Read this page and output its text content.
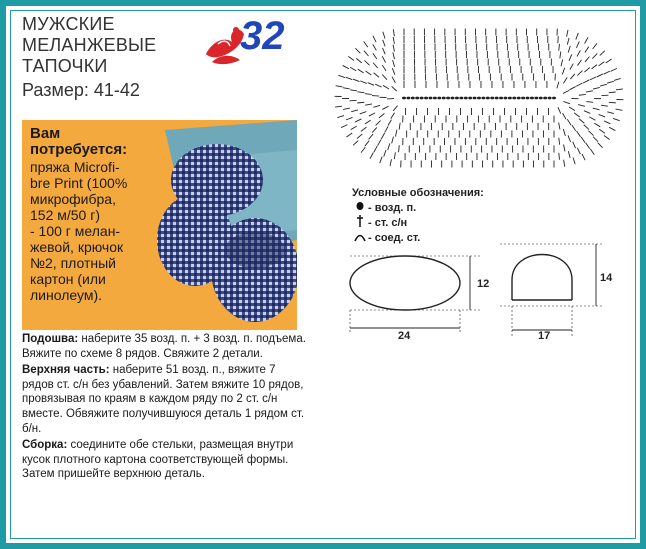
МУЖСКИЕ
МЕЛАНЖЕВЫЕ
ТАПОЧКИ
Размер: 41-42
32
Вам
потребуется:
пряжа Microfi-
bre Print (100%
микрофибра,
152 м/50 г)
- 100 г мелан-
жевой, крючок
№2, плотный
картон (или
линолеум).

Подошва: наберите 35 возд. п. + 3 возд. п. подъема. Вяжите по схеме 8 рядов. Свяжите 2 детали.

Верхняя часть: наберите 51 возд. п., вяжите 7 рядов ст. с/н без убавлений. Затем вяжите 10 рядов, провязывая по краям в каждом ряду по 2 ст. с/н вместе. Обвяжите получившуюся деталь 1 рядом ст. б/н.

Сборка: соедините обе стельки, размещая внутри кусок плотного картона соответствующей формы. Затем пришейте верхнюю деталь.

Условные обозначения:
- возд. п.
- ст. с/н
- соед. ст.
12
24
14
17
